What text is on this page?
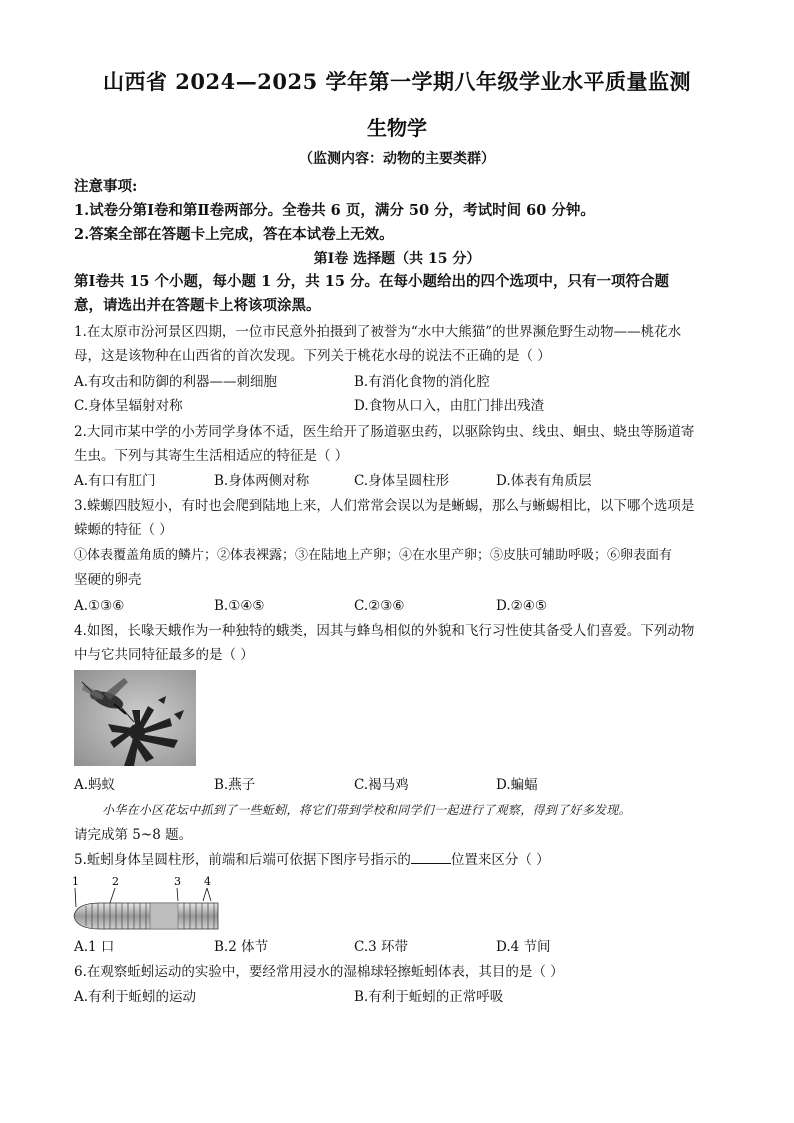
山西省 2024—2025 学年第一学期八年级学业水平质量监测
生物学
（监测内容：动物的主要类群）
注意事项:
1.试卷分第Ⅰ卷和第Ⅱ卷两部分。全卷共 6 页，满分 50 分，考试时间 60 分钟。
2.答案全部在答题卡上完成，答在本试卷上无效。
第Ⅰ卷 选择题（共 15 分）
第Ⅰ卷共 15 个小题，每小题 1 分，共 15 分。在每小题给出的四个选项中，只有一项符合题
意，请选出并在答题卡上将该项涂黑。
1.在太原市汾河景区四期，一位市民意外拍摄到了被誉为“水中大熊猫”的世界濒危野生动物——桃花水
母，这是该物种在山西省的首次发现。下列关于桃花水母的说法不正确的是（ ）
A.有攻击和防御的利器——刺细胞	B.有消化食物的消化腔
C.身体呈辐射对称	D.食物从口入，由肛门排出残渣
2.大同市某中学的小芳同学身体不适，医生给开了肠道驱虫药，以驱除钩虫、线虫、蛔虫、蛲虫等肠道寄
生虫。下列与其寄生生活相适应的特征是（ ）
A.有口有肛门	B.身体两侧对称	C.身体呈圆柱形	D.体表有角质层
3.蝾螈四肢短小，有时也会爬到陆地上来，人们常常会误以为是蜥蜴，那么与蜥蜴相比，以下哪个选项是
蝾螈的特征（ ）
①体表覆盖角质的鳞片；②体表裸露；③在陆地上产卵；④在水里产卵；⑤皮肤可辅助呼吸；⑥卵表面有
坚硬的卵壳
A.①③⑥	B.①④⑤	C.②③⑥	D.②④⑤
4.如图，长喙天蛾作为一种独特的蛾类，因其与蜂鸟相似的外貌和飞行习性使其备受人们喜爱。下列动物
中与它共同特征最多的是（ ）
A.蚂蚁	B.燕子	C.褐马鸡	D.蝙蝠
小华在小区花坛中抓到了一些蚯蚓，将它们带到学校和同学们一起进行了观察，得到了好多发现。
请完成第 5~8 题。
5.蚯蚓身体呈圆柱形，前端和后端可依据下图序号指示的	位置来区分（ ）
1	2	3 4
A.1 口	B.2 体节	C.3 环带	D.4 节间
6.在观察蚯蚓运动的实验中，要经常用浸水的湿棉球轻擦蚯蚓体表，其目的是（ ）
A.有利于蚯蚓的运动	B.有利于蚯蚓的正常呼吸
